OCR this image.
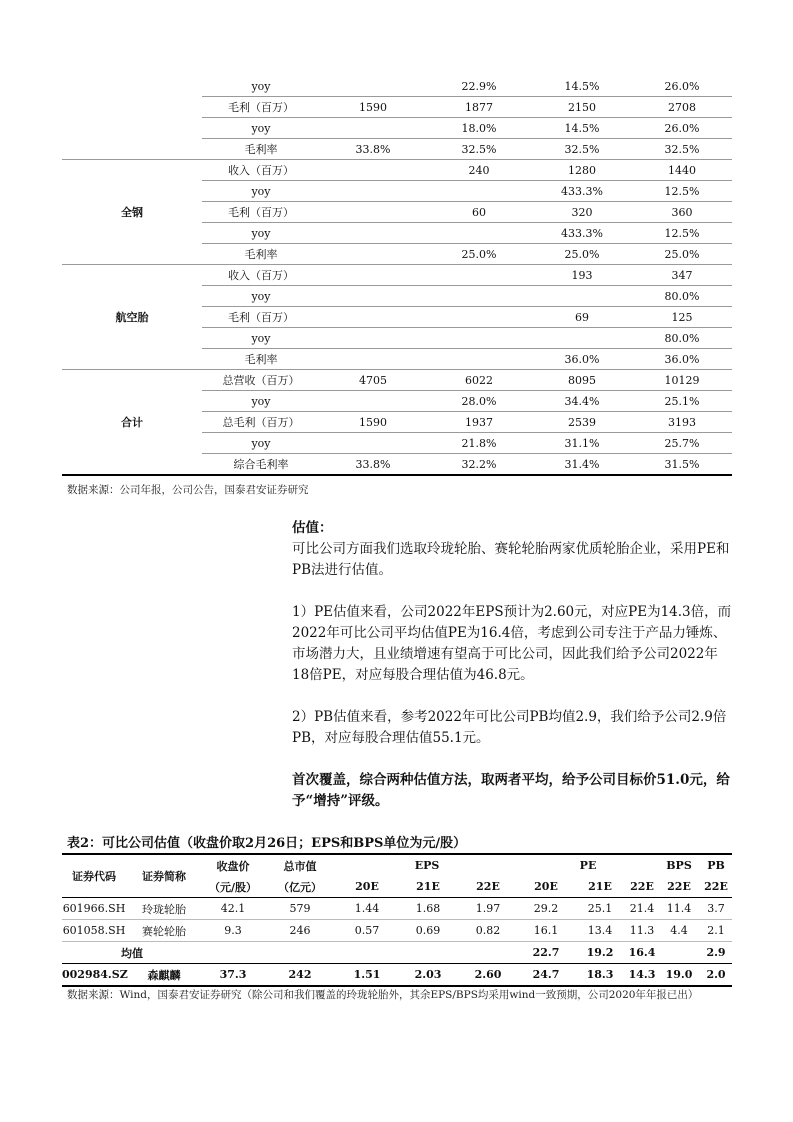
	yoy		22.9%	14.5%	26.0%
	毛利（百万）	1590	1877	2150	2708
	yoy		18.0%	14.5%	26.0%
	毛利率	33.8%	32.5%	32.5%	32.5%
全钢	收入（百万）		240	1280	1440
	yoy			433.3%	12.5%
	毛利（百万）		60	320	360
	yoy			433.3%	12.5%
	毛利率		25.0%	25.0%	25.0%
航空胎	收入（百万）			193	347
	yoy				80.0%
	毛利（百万）			69	125
	yoy				80.0%
	毛利率			36.0%	36.0%
合计	总营收（百万）	4705	6022	8095	10129
	yoy		28.0%	34.4%	25.1%
	总毛利（百万）	1590	1937	2539	3193
	yoy		21.8%	31.1%	25.7%
	综合毛利率	33.8%	32.2%	31.4%	31.5%
数据来源：公司年报，公司公告，国泰君安证券研究

估值：

可比公司方面我们选取玲珑轮胎、赛轮轮胎两家优质轮胎企业，采用PE和PB法进行估值。

1）PE估值来看，公司2022年EPS预计为2.60元，对应PE为14.3倍，而2022年可比公司平均估值PE为16.4倍，考虑到公司专注于产品力锤炼、市场潜力大，且业绩增速有望高于可比公司，因此我们给予公司2022年18倍PE，对应每股合理估值为46.8元。

2）PB估值来看，参考2022年可比公司PB均值2.9，我们给予公司2.9倍PB，对应每股合理估值55.1元。

首次覆盖，综合两种估值方法，取两者平均，给予公司目标价51.0元，给予“增持”评级。

表2：可比公司估值（收盘价取2月26日；EPS和BPS单位为元/股）
证券代码	证券简称	收盘价	总市值	EPS			PE			BPS	PB
		（元/股）	（亿元）	20E	21E	22E	20E	21E	22E	22E	22E
601966.SH	玲珑轮胎	42.1	579	1.44	1.68	1.97	29.2	25.1	21.4	11.4	3.7
601058.SH	赛轮轮胎	9.3	246	0.57	0.69	0.82	16.1	13.4	11.3	4.4	2.1
均值							22.7	19.2	16.4		2.9
002984.SZ	森麒麟	37.3	242	1.51	2.03	2.60	24.7	18.3	14.3	19.0	2.0
数据来源：Wind，国泰君安证券研究（除公司和我们覆盖的玲珑轮胎外，其余EPS/BPS均采用wind一致预期，公司2020年年报已出）
